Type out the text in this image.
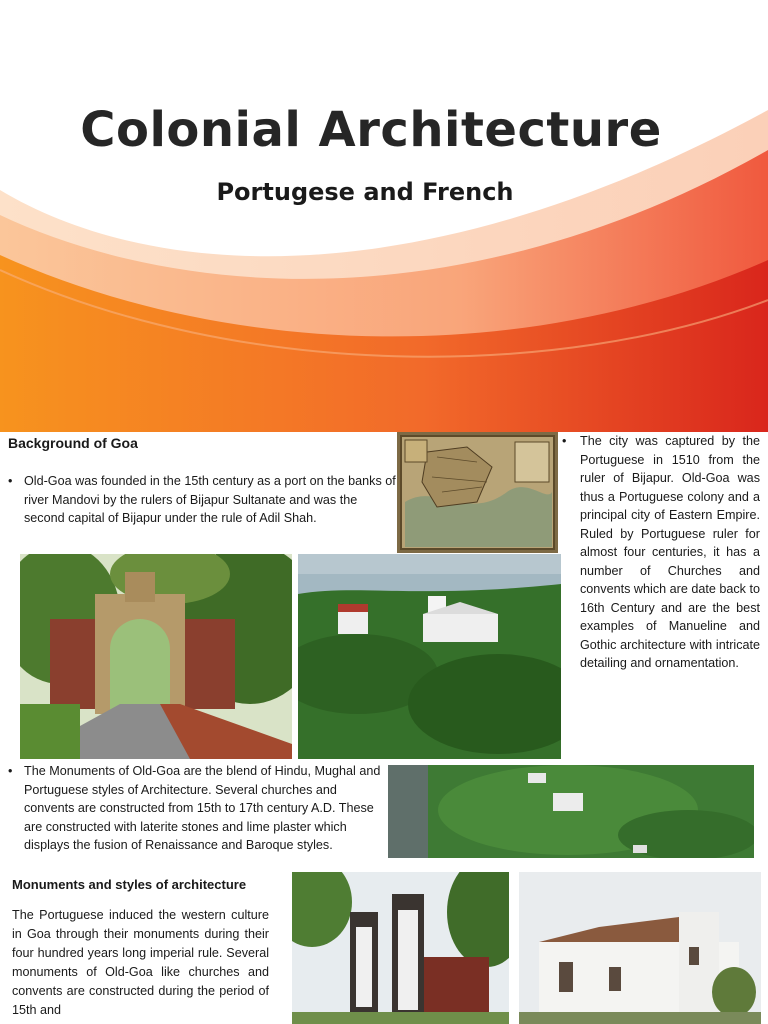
Colonial Architecture
Portugese and French
Background of Goa
• Old-Goa was founded in the 15th century as a port on the banks of river Mandovi by the rulers of Bijapur Sultanate and was the second capital of Bijapur under the rule of Adil Shah.
•	The city was captured by the Portuguese in 1510 from the ruler of Bijapur. Old-Goa was thus a Portuguese colony and a principal city of Eastern Empire. Ruled by Portuguese ruler for almost four centuries, it has a number of Churches and convents which are date back to 16th Century and are the best examples of Manueline and Gothic architecture with intricate detailing and ornamentation.
• The Monuments of Old-Goa are the blend of Hindu, Mughal and Portuguese styles of Architecture. Several churches and convents are constructed from 15th to 17th century A.D. These are constructed with laterite stones and lime plaster which displays the fusion of Renaissance and Baroque styles.
Monuments and styles of architecture
The Portuguese induced the western culture in Goa through their monuments during their four hundred years long imperial rule. Several monuments of Old-Goa like churches and convents are constructed during the period of 15th and
